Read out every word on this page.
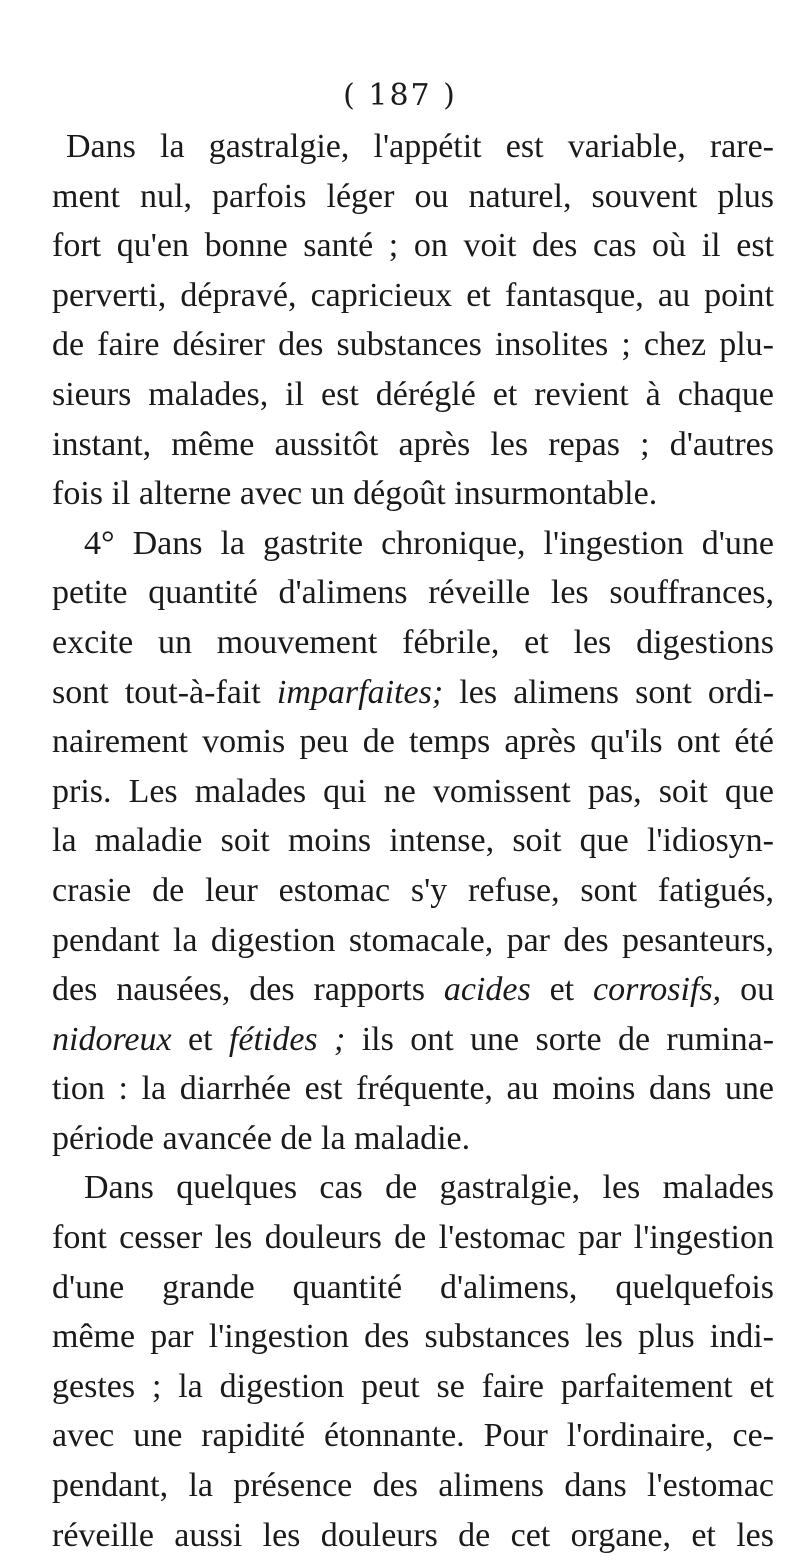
( 187 )
Dans la gastralgie, l'appétit est variable, rare-
ment nul, parfois léger ou naturel, souvent plus
fort qu'en bonne santé ; on voit des cas où il est
perverti, dépravé, capricieux et fantasque, au point
de faire désirer des substances insolites ; chez plu-
sieurs malades, il est déréglé et revient à chaque
instant, même aussitôt après les repas ; d'autres
fois il alterne avec un dégoût insurmontable.
4° Dans la gastrite chronique, l'ingestion d'une
petite quantité d'alimens réveille les souffrances,
excite un mouvement fébrile, et les digestions
sont tout-à-fait imparfaites; les alimens sont ordi-
nairement vomis peu de temps après qu'ils ont été
pris. Les malades qui ne vomissent pas, soit que
la maladie soit moins intense, soit que l'idiosyn-
crasie de leur estomac s'y refuse, sont fatigués,
pendant la digestion stomacale, par des pesanteurs,
des nausées, des rapports acides et corrosifs, ou
nidoreux et fétides ; ils ont une sorte de rumina-
tion : la diarrhée est fréquente, au moins dans une
période avancée de la maladie.
Dans quelques cas de gastralgie, les malades
font cesser les douleurs de l'estomac par l'ingestion
d'une grande quantité d'alimens, quelquefois
même par l'ingestion des substances les plus indi-
gestes ; la digestion peut se faire parfaitement et
avec une rapidité étonnante. Pour l'ordinaire, ce-
pendant, la présence des alimens dans l'estomac
réveille aussi les douleurs de cet organe, et les
